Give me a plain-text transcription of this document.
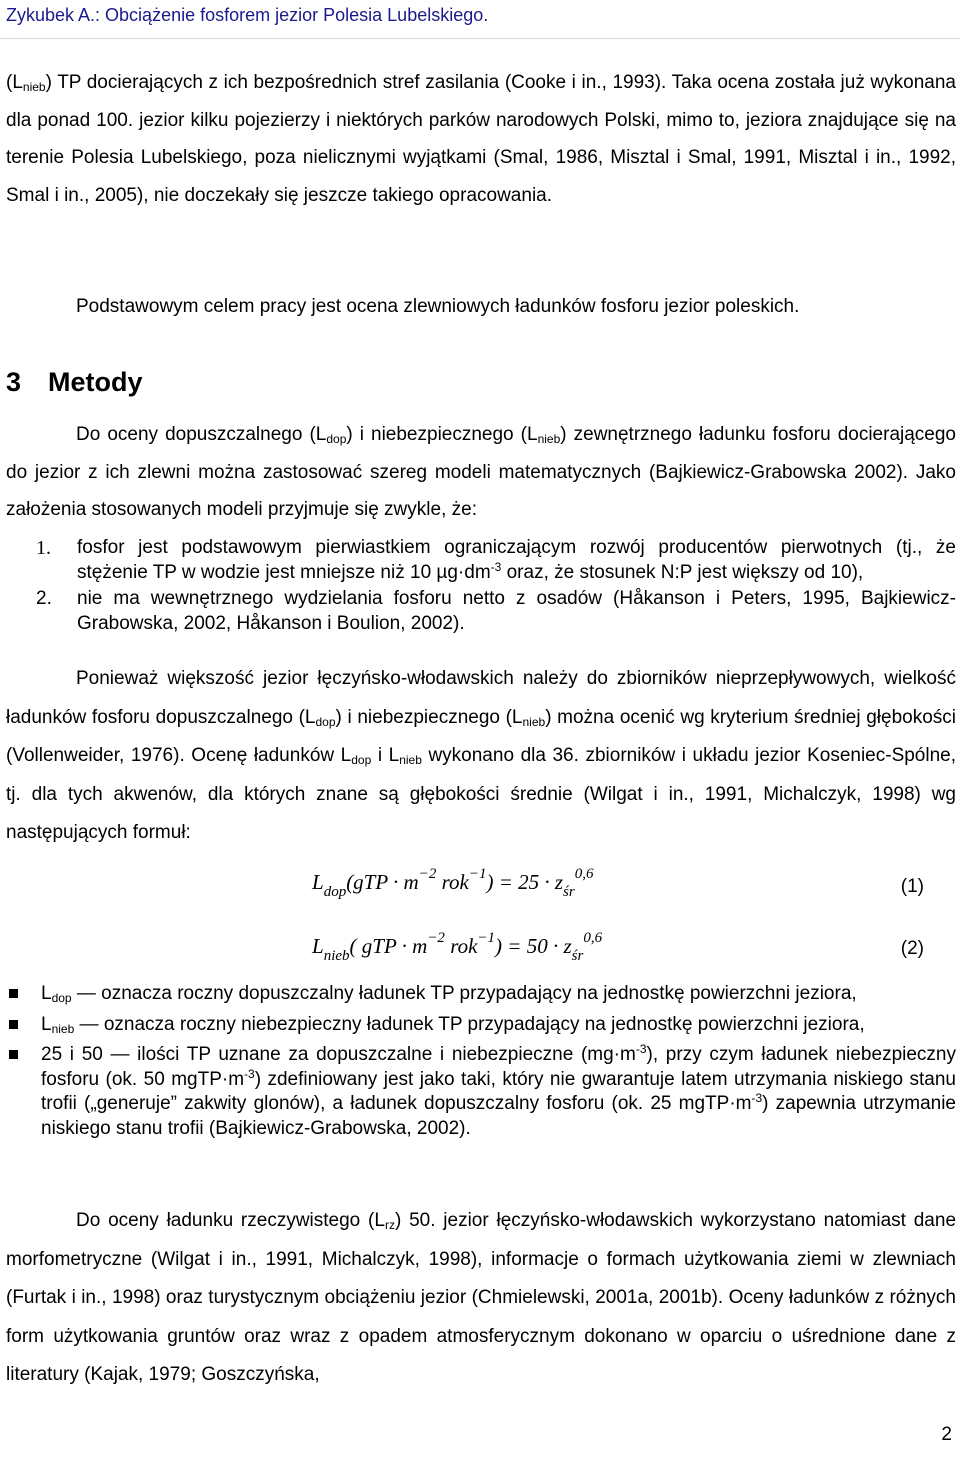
Zykubek A.: Obciążenie fosforem jezior Polesia Lubelskiego.
$(L_{nieb})$ TP docierających z ich bezpośrednich stref zasilania (Cooke i in., 1993). Taka ocena została już wykonana dla ponad 100. jezior kilku pojezierzy i niektórych parków narodowych Polski, mimo to, jeziora znajdujące się na terenie Polesia Lubelskiego, poza nielicznymi wyjątkami (Smal, 1986, Misztal i Smal, 1991, Misztal i in., 1992, Smal i in., 2005), nie doczekały się jeszcze takiego opracowania.
Podstawowym celem pracy jest ocena zlewniowych ładunków fosforu jezior poleskich.
3 Metody
Do oceny dopuszczalnego $(L_{dop})$ i niebezpiecznego $(L_{nieb})$ zewnętrznego ładunku fosforu docierającego do jezior z ich zlewni można zastosować szereg modeli matematycznych (Bajkiewicz-Grabowska 2002). Jako założenia stosowanych modeli przyjmuje się zwykle, że:
1. fosfor jest podstawowym pierwiastkiem ograniczającym rozwój producentów pierwotnych (tj., że stężenie TP w wodzie jest mniejsze niż 10 $\mu g\cdot dm^{-3}$ oraz, że stosunek N:P jest większy od 10),
2. nie ma wewnętrznego wydzielania fosforu netto z osadów (Håkanson i Peters, 1995, Bajkiewicz-Grabowska, 2002, Håkanson i Boulion, 2002).
Ponieważ większość jezior łęczyńsko-włodawskich należy do zbiorników nieprzepływowych, wielkość ładunków fosforu dopuszczalnego $(L_{dop})$ i niebezpiecznego $(L_{nieb})$ można ocenić wg kryterium średniej głębokości (Vollenweider, 1976). Ocenę ładunków $L_{dop}$ i $L_{nieb}$ wykonano dla 36. zbiorników i układu jezior Koseniec-Spólne, tj. dla tych akwenów, dla których znane są głębokości średnie (Wilgat i in., 1991, Michalczyk, 1998) wg następujących formuł:
$L_{dop}(gTP \cdot m^{-2}$ $rok^{-1}) = 25 \cdot z_{śr}^{0,6}$
(1)
$L_{nieb}$( gTP · $m^{-2}$ $rok^{-1}) = 50 \cdot z_{śr}^{0,6}$	(2)
$L_{dop}$ — oznacza roczny dopuszczalny ładunek TP przypadający na jednostkę powierzchni jeziora,
$L_{nieb}$ — oznacza roczny niebezpieczny ładunek TP przypadający na jednostkę powierzchni jeziora,
25 i 50 — ilości TP uznane za dopuszczalne i niebezpieczne $(mg\cdot m^{-3})$, przy czym ładunek niebezpieczny fosforu (ok. 50 $mgTP\cdot m^{-3}$) zdefiniowany jest jako taki, który nie gwarantuje latem utrzymania niskiego stanu trofii („generuje” zakwity glonów), a ładunek dopuszczalny fosforu (ok. 25 $mgTP\cdot m^{-3}$) zapewnia utrzymanie niskiego stanu trofii (Bajkiewicz-Grabowska, 2002).
Do oceny ładunku rzeczywistego $(L_{rz})$ 50. jezior łęczyńsko-włodawskich wykorzystano natomiast dane morfometryczne (Wilgat i in., 1991, Michalczyk, 1998), informacje o formach użytkowania ziemi w zlewniach (Furtak i in., 1998) oraz turystycznym obciążeniu jezior (Chmielewski, 2001a, 2001b). Oceny ładunków z różnych form użytkowania gruntów oraz wraz z opadem atmosferycznym dokonano w oparciu o uśrednione dane z literatury (Kajak, 1979; Goszczyńska,
2
